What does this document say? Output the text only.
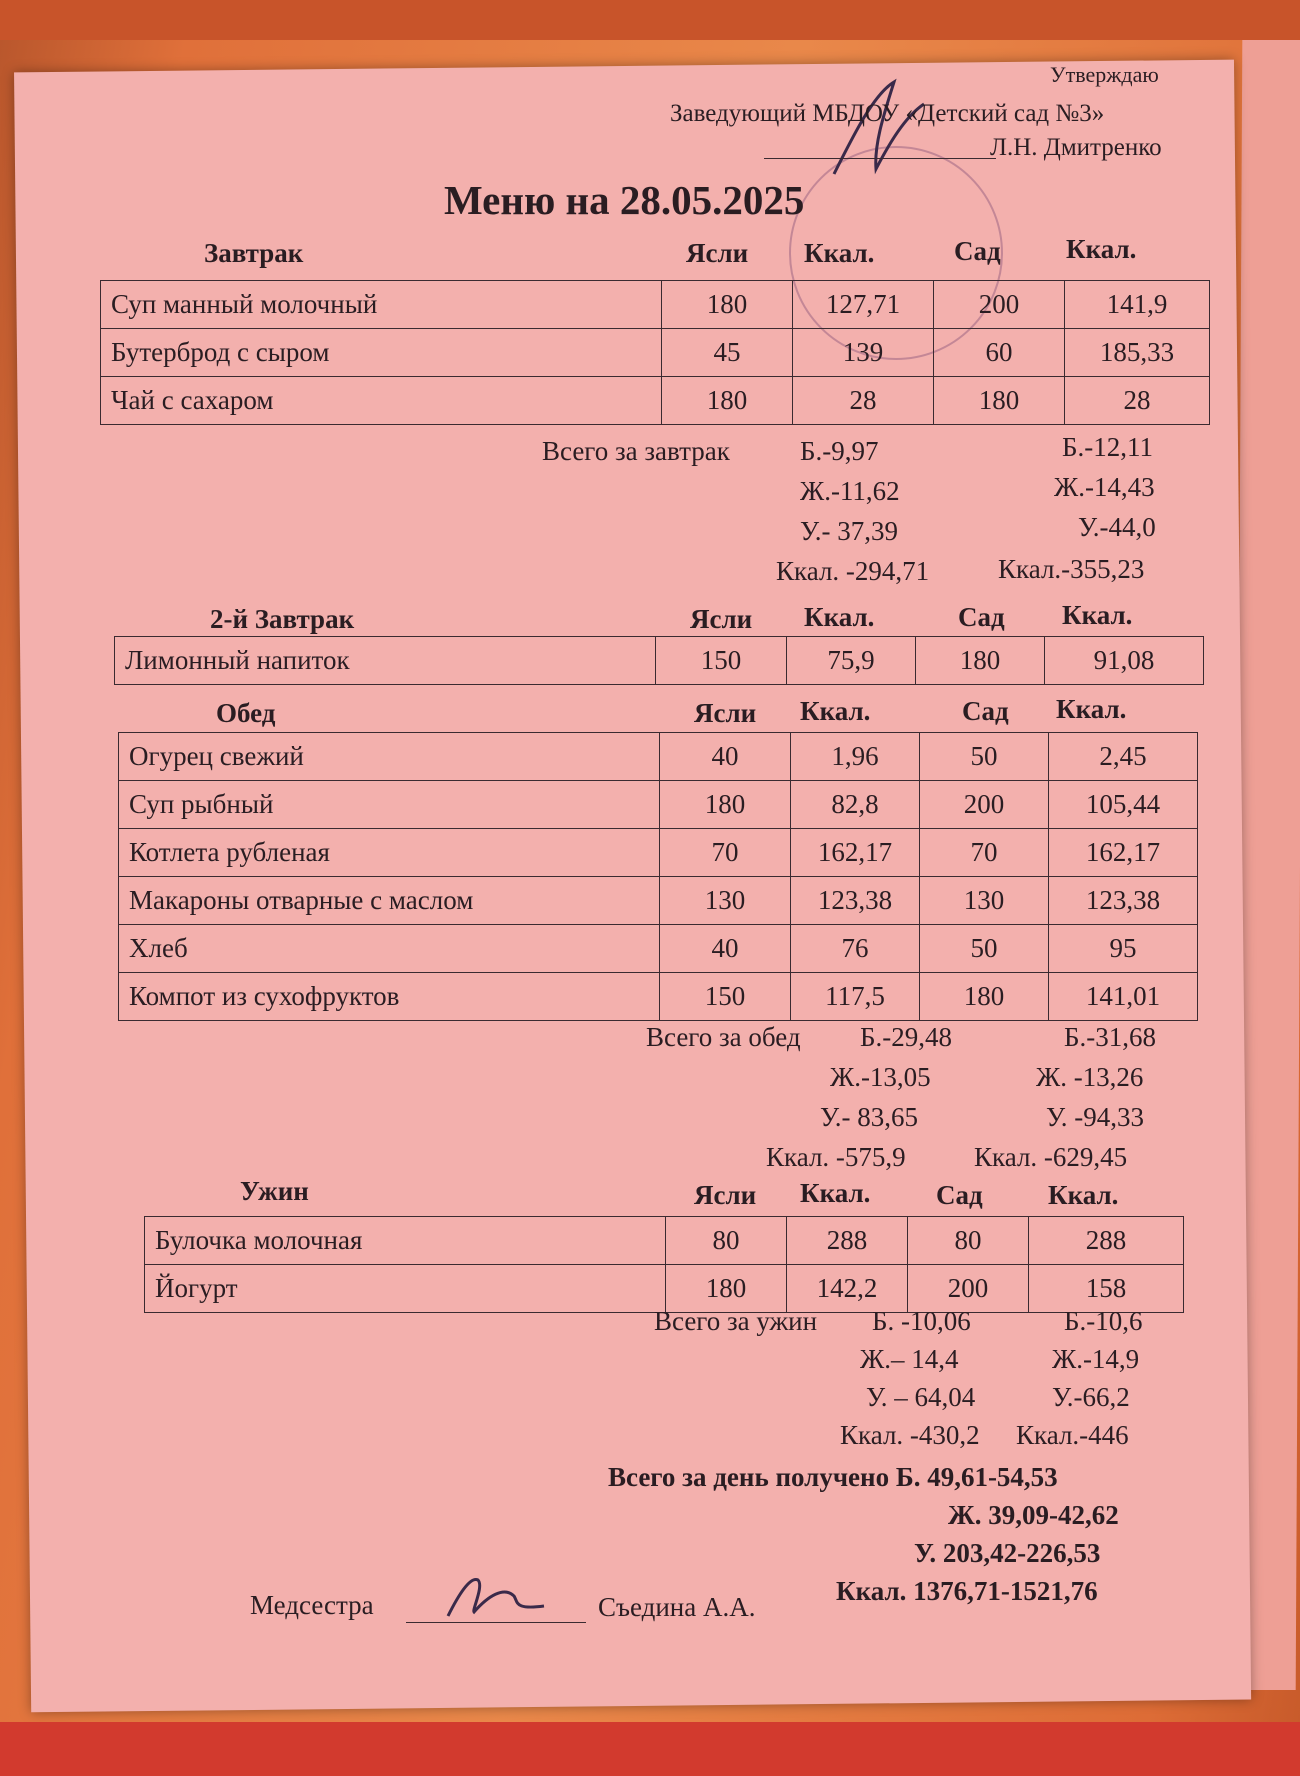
Утверждаю
Заведующий МБДОУ «Детский сад №3»
Л.Н. Дмитренко
Меню на 28.05.2025
Завтрак	Ясли Ккал.	Сад Ккал.
Суп манный молочный	180	127,71	200	141,9
Бутерброд с сыром	45	139	60	185,33
Чай с сахаром	180	28	180	28
Всего за завтрак	Б.-9,97	Б.-12,11
Ж.-11,62	Ж.-14,43
У.- 37,39	У.-44,0
Ккал. -294,71	Ккал.-355,23
2-й Завтрак	Ясли Ккал.	Сад Ккал.
Лимонный напиток	150	75,9	180	91,08
Обед	Ясли Ккал.	Сад Ккал.
Огурец свежий	40	1,96	50	2,45
Суп рыбный	180	82,8	200	105,44
Котлета рубленая	70	162,17	70	162,17
Макароны отварные с маслом	130	123,38	130	123,38
Хлеб	40	76	50	95
Компот из сухофруктов	150	117,5	180	141,01
Всего за обед Б.-29,48	Б.-31,68
Ж.-13,05	Ж. -13,26
У.- 83,65	У. -94,33
Ккал. -575,9	Ккал. -629,45
Ужин	Ясли Ккал. Сад Ккал.
Булочка молочная	80	288	80	288
Йогурт	180	142,2	200	158
Всего за ужин Б. -10,06	Б.-10,6
Ж.– 14,4	Ж.-14,9
У. – 64,04	У.-66,2
Ккал. -430,2 Ккал.-446
Всего за день получено Б. 49,61-54,53
Ж. 39,09-42,62
У. 203,42-226,53
Ккал. 1376,71-1521,76
Медсестра	Съедина А.А.
